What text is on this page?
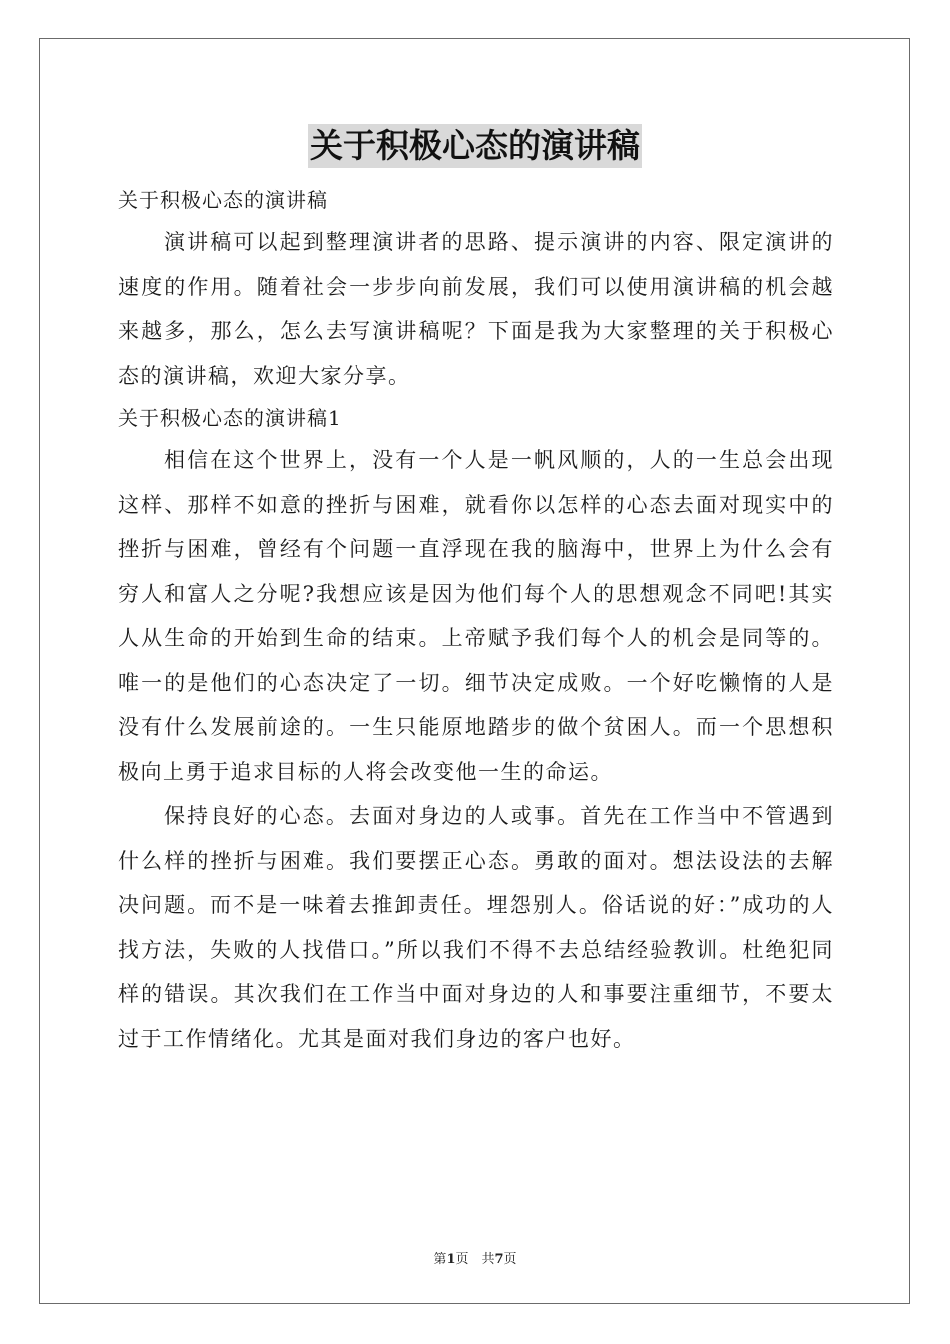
关于积极心态的演讲稿

关于积极心态的演讲稿

演讲稿可以起到整理演讲者的思路、提示演讲的内容、限定演讲的速度的作用。随着社会一步步向前发展，我们可以使用演讲稿的机会越来越多，那么，怎么去写演讲稿呢？下面是我为大家整理的关于积极心态的演讲稿，欢迎大家分享。

关于积极心态的演讲稿1

相信在这个世界上，没有一个人是一帆风顺的，人的一生总会出现这样、那样不如意的挫折与困难，就看你以怎样的心态去面对现实中的挫折与困难，曾经有个问题一直浮现在我的脑海中，世界上为什么会有穷人和富人之分呢?我想应该是因为他们每个人的思想观念不同吧!其实人从生命的开始到生命的结束。上帝赋予我们每个人的机会是同等的。唯一的是他们的心态决定了一切。细节决定成败。一个好吃懒惰的人是没有什么发展前途的。一生只能原地踏步的做个贫困人。而一个思想积极向上勇于追求目标的人将会改变他一生的命运。

保持良好的心态。去面对身边的人或事。首先在工作当中不管遇到什么样的挫折与困难。我们要摆正心态。勇敢的面对。想法设法的去解决问题。而不是一味着去推卸责任。埋怨别人。俗话说的好：”成功的人找方法，失败的人找借口。”所以我们不得不去总结经验教训。杜绝犯同样的错误。其次我们在工作当中面对身边的人和事要注重细节，不要太过于工作情绪化。尤其是面对我们身边的客户也好。

第1页　共7页
